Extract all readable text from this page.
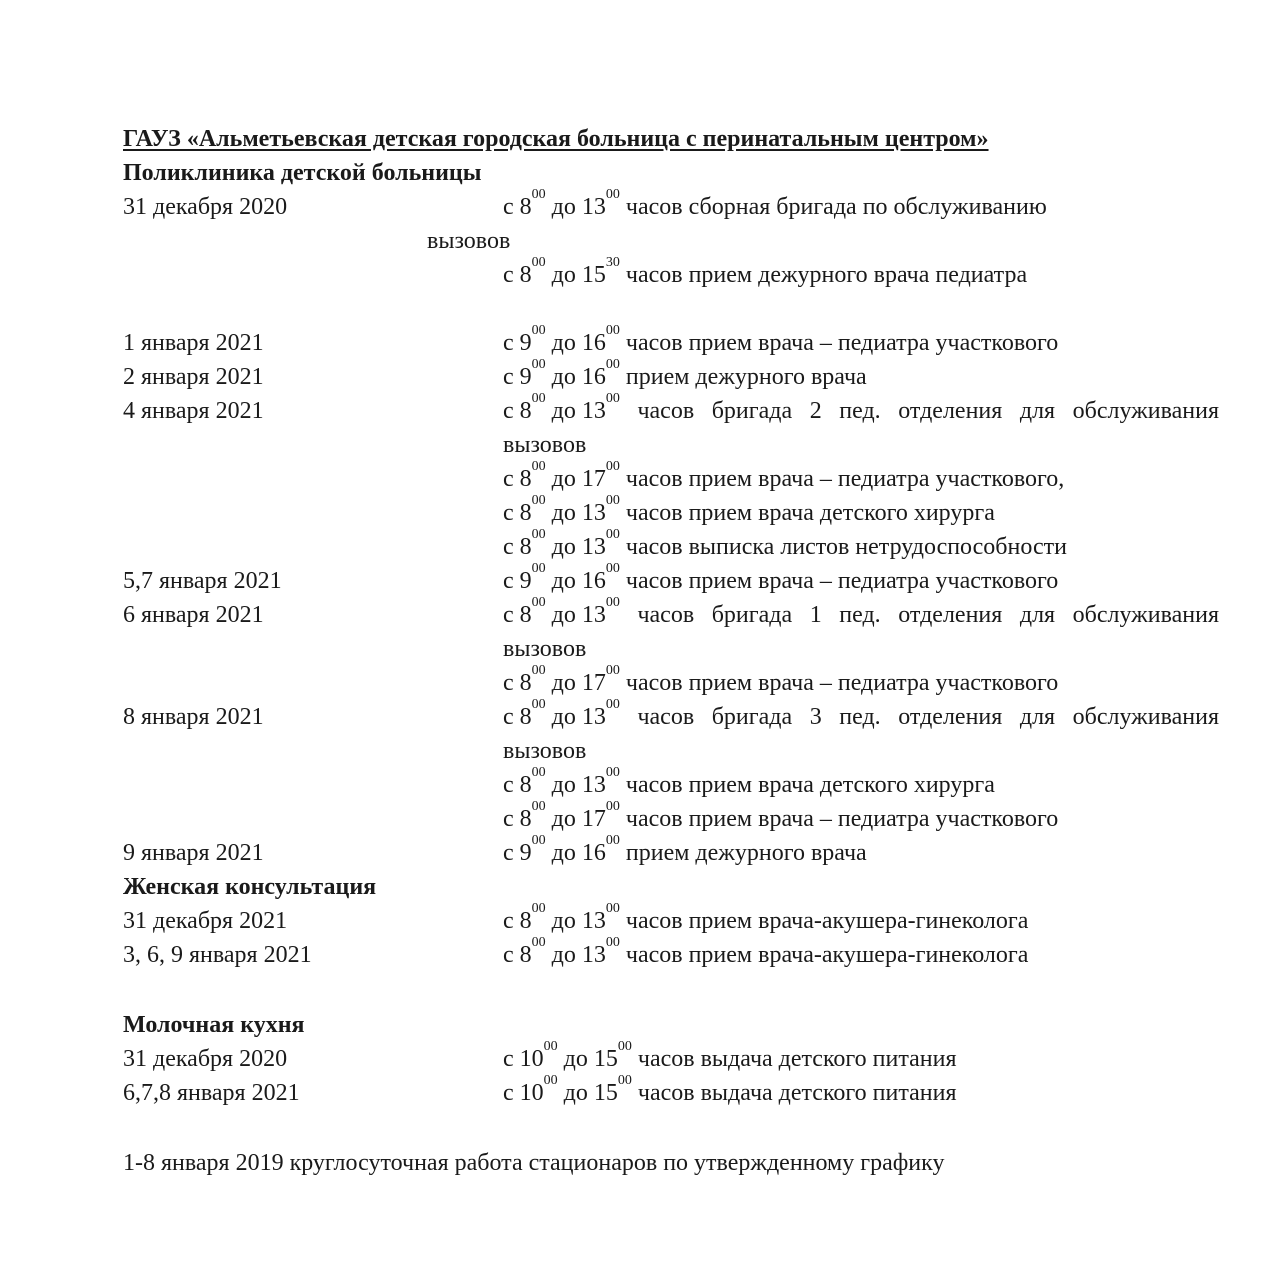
ГАУЗ «Альметьевская детская городская больница с перинатальным центром»
Поликлиника детской больницы
31 декабря 2020	с $8^{00}$ до $13^{00}$ часов сборная бригада по обслуживанию
вызовов
с $8^{00}$ до $15^{30}$ часов прием дежурного врача педиатра
1 января 2021	с $9^{00}$ до $16^{00}$ часов прием врача – педиатра участкового
2 января 2021	с $9^{00}$ до $16^{00}$ прием дежурного врача
4 января 2021	с $8^{00}$ до $13^{00}$ часов бригада 2 пед. отделения для обслуживания
вызовов
с $8^{00}$ до $17^{00}$ часов прием врача – педиатра участкового,
с $8^{00}$ до $13^{00}$ часов прием врача детского хирурга
с $8^{00}$ до $13^{00}$ часов выписка листов нетрудоспособности
5,7 января 2021	с $9^{00}$ до $16^{00}$ часов прием врача – педиатра участкового
6 января 2021	с $8^{00}$ до $13^{00}$ часов бригада 1 пед. отделения для обслуживания
вызовов
с $8^{00}$ до $17^{00}$ часов прием врача – педиатра участкового
8 января 2021	с $8^{00}$ до $13^{00}$ часов бригада 3 пед. отделения для обслуживания
вызовов
с $8^{00}$ до $13^{00}$ часов прием врача детского хирурга
с $8^{00}$ до $17^{00}$ часов прием врача – педиатра участкового
9 января 2021	с $9^{00}$ до $16^{00}$ прием дежурного врача
Женская консультация
31 декабря 2021	с $8^{00}$ до $13^{00}$ часов прием врача-акушера-гинеколога
3, 6, 9 января 2021	с $8^{00}$ до $13^{00}$ часов прием врача-акушера-гинеколога
Молочная кухня
31 декабря 2020	с $10^{00}$ до $15^{00}$ часов выдача детского питания
6,7,8 января 2021	с $10^{00}$ до $15^{00}$ часов выдача детского питания
1-8 января 2019 круглосуточная работа стационаров по утвержденному графику
